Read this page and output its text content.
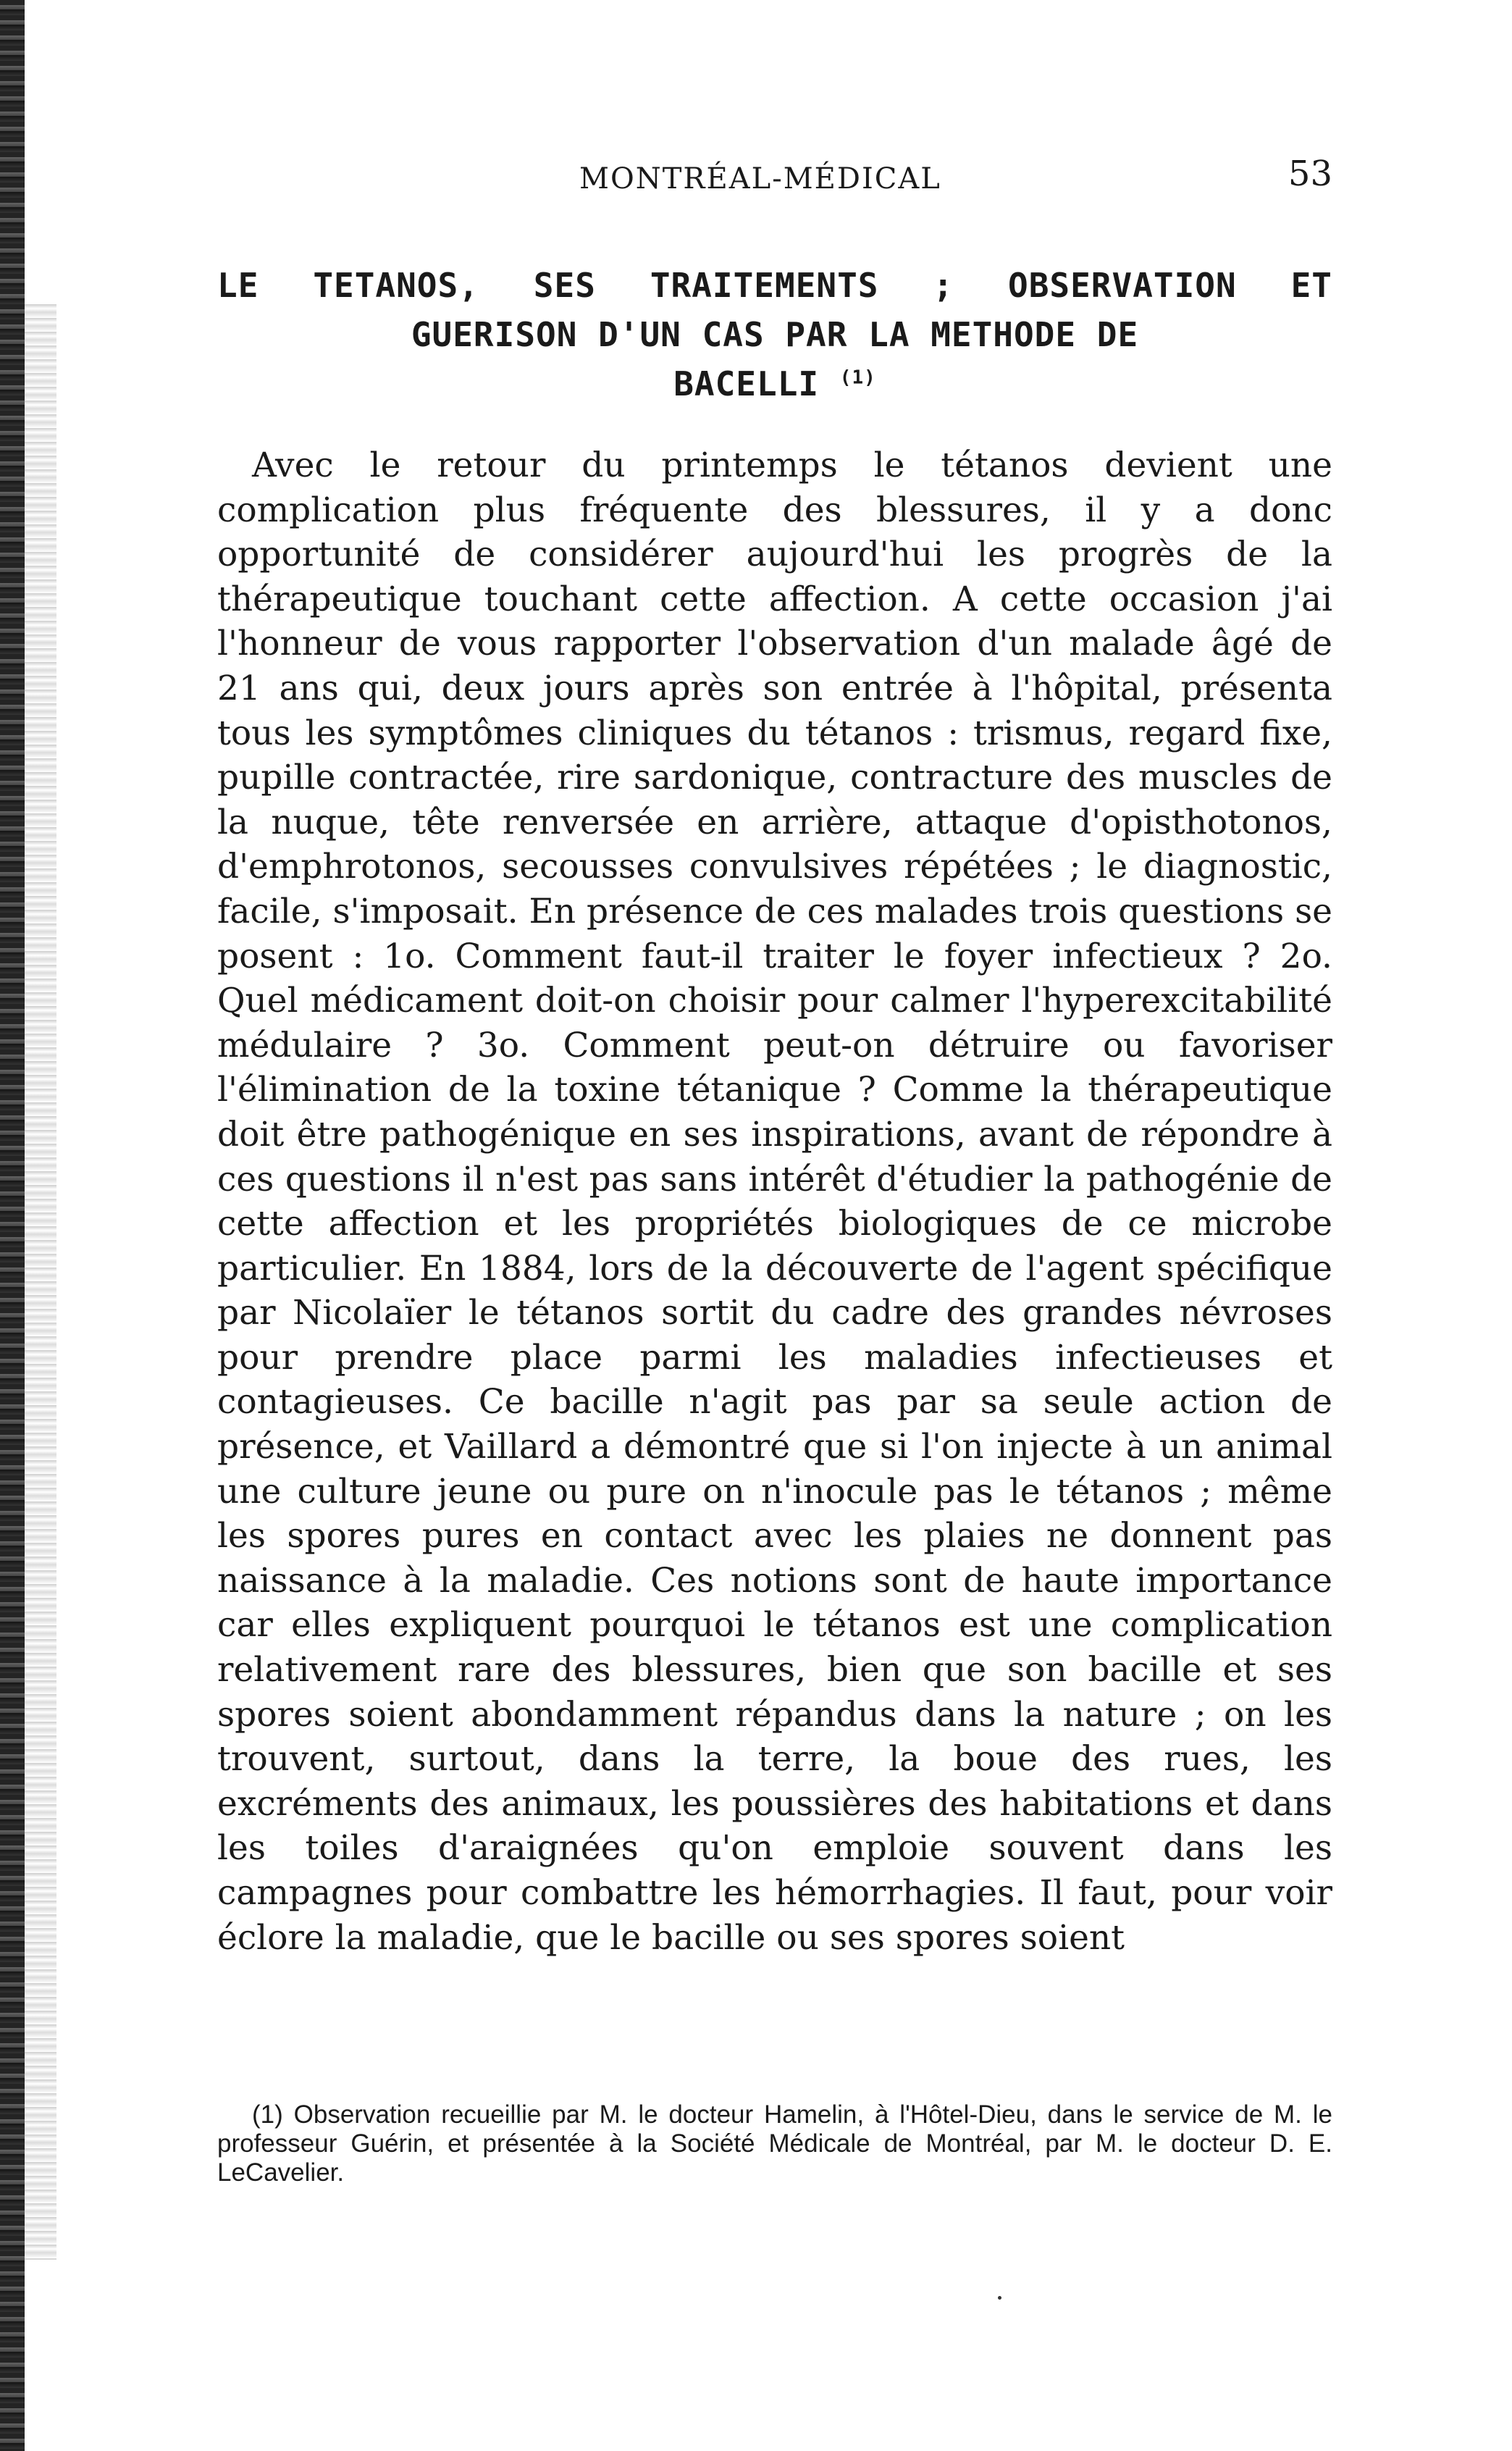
MONTRÉAL-MÉDICAL	53
LE TETANOS, SES TRAITEMENTS ; OBSERVATION ET
GUERISON D'UN CAS PAR LA METHODE DE
BACELLI $^{(1)}$

Avec le retour du printemps le tétanos devient une complication plus fréquente des blessures, il y a donc opportunité de considérer aujourd'hui les progrès de la thérapeutique touchant cette affection. A cette occasion j'ai l'honneur de vous rapporter l'observation d'un malade âgé de 21 ans qui, deux jours après son entrée à l'hôpital, présenta tous les symptômes cliniques du tétanos : trismus, regard fixe, pupille contractée, rire sardonique, contracture des muscles de la nuque, tête renversée en arrière, attaque d'opisthotonos, d'emphrotonos, secousses convulsives répétées ; le diagnostic, facile, s'imposait. En présence de ces malades trois questions se posent : 1o. Comment faut-il traiter le foyer infectieux ? 2o. Quel médicament doit-on choisir pour calmer l'hyperexcitabilité médulaire ? 3o. Comment peut-on détruire ou favoriser l'élimination de la toxine tétanique ? Comme la thérapeutique doit être pathogénique en ses inspirations, avant de répondre à ces questions il n'est pas sans intérêt d'étudier la pathogénie de cette affection et les propriétés biologiques de ce microbe particulier. En 1884, lors de la découverte de l'agent spécifique par Nicolaïer le tétanos sortit du cadre des grandes névroses pour prendre place parmi les maladies infectieuses et contagieuses. Ce bacille n'agit pas par sa seule action de présence, et Vaillard a démontré que si l'on injecte à un animal une culture jeune ou pure on n'inocule pas le tétanos ; même les spores pures en contact avec les plaies ne donnent pas naissance à la maladie. Ces notions sont de haute importance car elles expliquent pourquoi le tétanos est une complication relativement rare des blessures, bien que son bacille et ses spores soient abondamment répandus dans la nature ; on les trouvent, surtout, dans la terre, la boue des rues, les excréments des animaux, les poussières des habitations et dans les toiles d'araignées qu'on emploie souvent dans les campagnes pour combattre les hémorrhagies. Il faut, pour voir éclore la maladie, que le bacille ou ses spores soient

(1) Observation recueillie par M. le docteur Hamelin, à l'Hôtel-Dieu, dans le service de M. le professeur Guérin, et présentée à la Société Médicale de Montréal, par M. le docteur D. E. LeCavelier.
